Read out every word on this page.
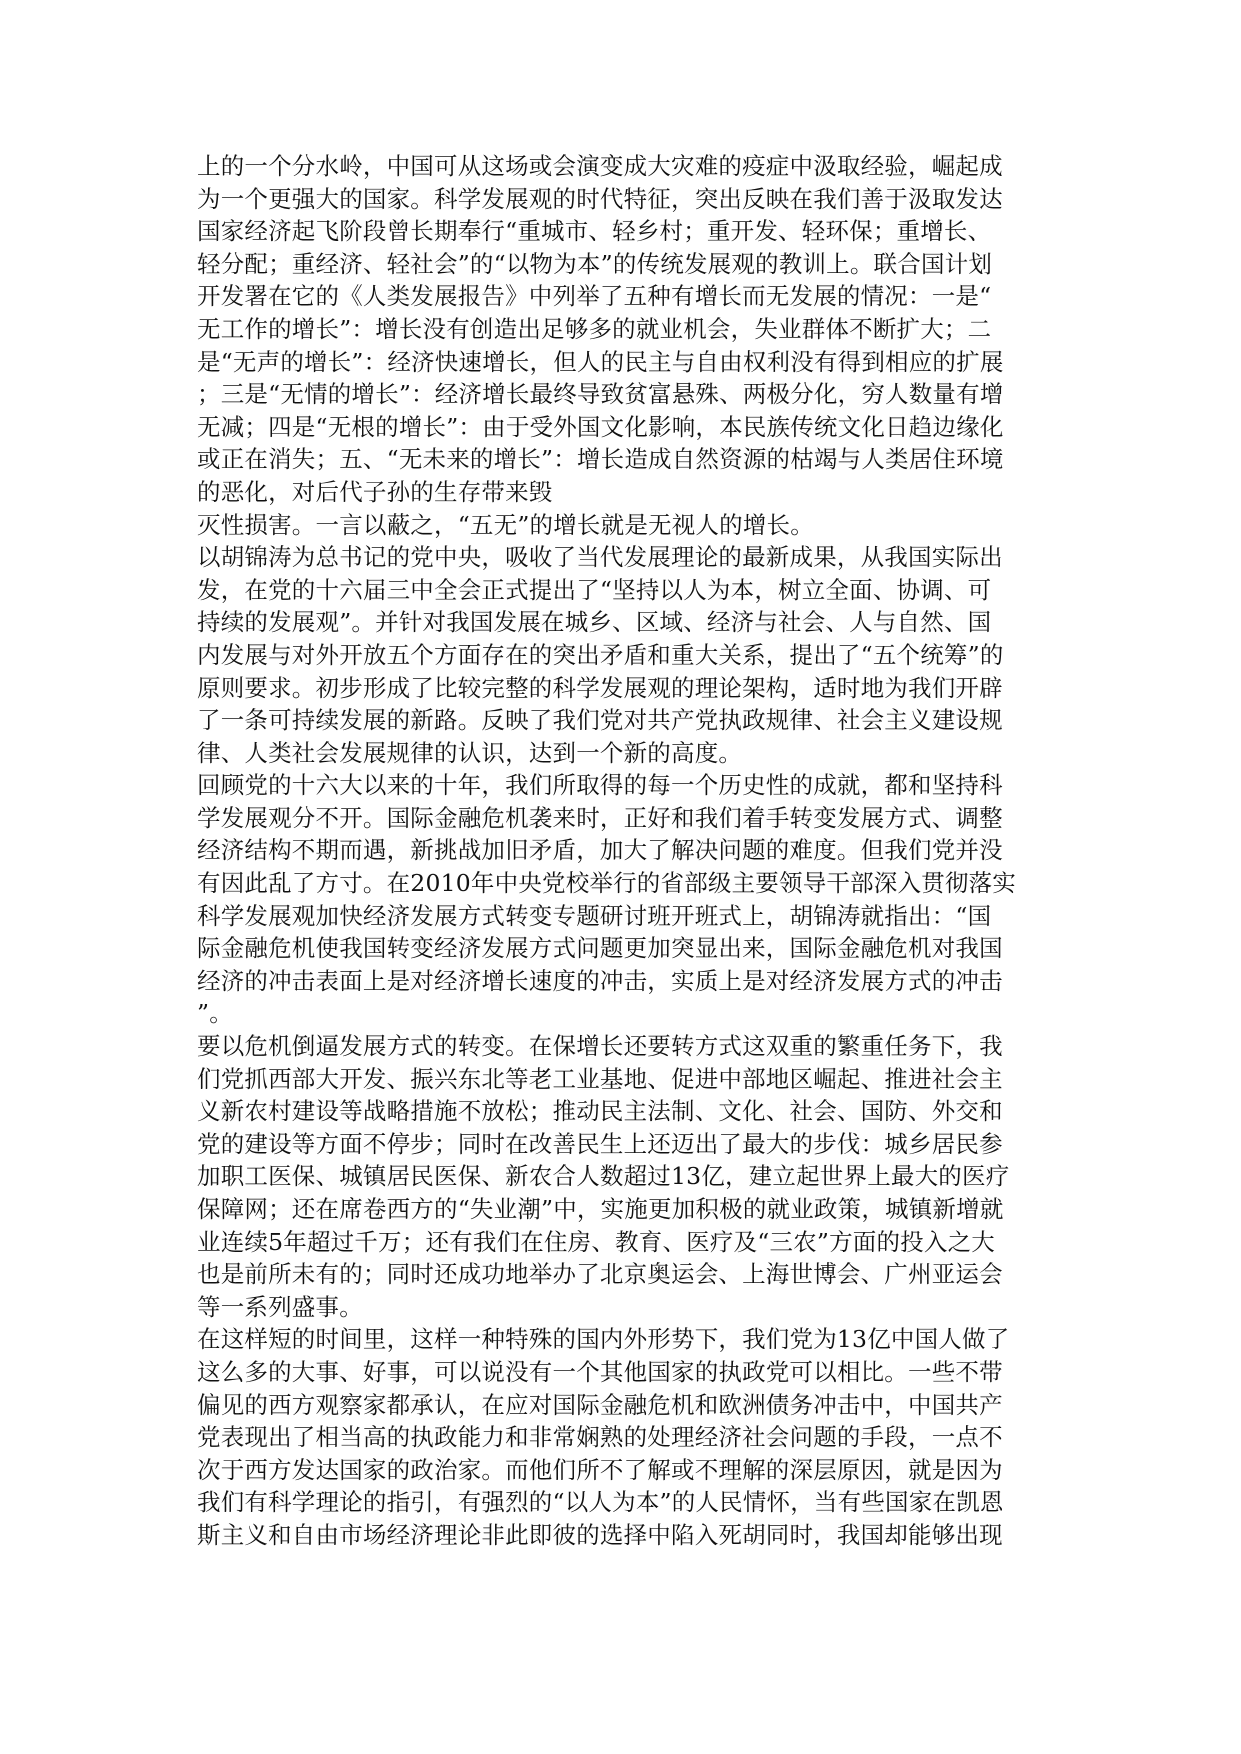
上的一个分水岭，中国可从这场或会演变成大灾难的疫症中汲取经验，崛起成
为一个更强大的国家。科学发展观的时代特征，突出反映在我们善于汲取发达
国家经济起飞阶段曾长期奉行“重城市、轻乡村；重开发、轻环保；重增长、
轻分配；重经济、轻社会”的“以物为本”的传统发展观的教训上。联合国计划
开发署在它的《人类发展报告》中列举了五种有增长而无发展的情况：一是“
无工作的增长”：增长没有创造出足够多的就业机会，失业群体不断扩大；二
是“无声的增长”：经济快速增长，但人的民主与自由权利没有得到相应的扩展
；三是“无情的增长”：经济增长最终导致贫富悬殊、两极分化，穷人数量有增
无减；四是“无根的增长”：由于受外国文化影响，本民族传统文化日趋边缘化
或正在消失；五、“无未来的增长”：增长造成自然资源的枯竭与人类居住环境
的恶化，对后代子孙的生存带来毁
灭性损害。一言以蔽之，“五无”的增长就是无视人的增长。
以胡锦涛为总书记的党中央，吸收了当代发展理论的最新成果，从我国实际出
发，在党的十六届三中全会正式提出了“坚持以人为本，树立全面、协调、可
持续的发展观”。并针对我国发展在城乡、区域、经济与社会、人与自然、国
内发展与对外开放五个方面存在的突出矛盾和重大关系，提出了“五个统筹”的
原则要求。初步形成了比较完整的科学发展观的理论架构，适时地为我们开辟
了一条可持续发展的新路。反映了我们党对共产党执政规律、社会主义建设规
律、人类社会发展规律的认识，达到一个新的高度。
回顾党的十六大以来的十年，我们所取得的每一个历史性的成就，都和坚持科
学发展观分不开。国际金融危机袭来时，正好和我们着手转变发展方式、调整
经济结构不期而遇，新挑战加旧矛盾，加大了解决问题的难度。但我们党并没
有因此乱了方寸。在2010年中央党校举行的省部级主要领导干部深入贯彻落实
科学发展观加快经济发展方式转变专题研讨班开班式上，胡锦涛就指出：“国
际金融危机使我国转变经济发展方式问题更加突显出来，国际金融危机对我国
经济的冲击表面上是对经济增长速度的冲击，实质上是对经济发展方式的冲击
”。
要以危机倒逼发展方式的转变。在保增长还要转方式这双重的繁重任务下，我
们党抓西部大开发、振兴东北等老工业基地、促进中部地区崛起、推进社会主
义新农村建设等战略措施不放松；推动民主法制、文化、社会、国防、外交和
党的建设等方面不停步；同时在改善民生上还迈出了最大的步伐：城乡居民参
加职工医保、城镇居民医保、新农合人数超过13亿，建立起世界上最大的医疗
保障网；还在席卷西方的“失业潮”中，实施更加积极的就业政策，城镇新增就
业连续5年超过千万；还有我们在住房、教育、医疗及“三农”方面的投入之大
也是前所未有的；同时还成功地举办了北京奥运会、上海世博会、广州亚运会
等一系列盛事。
在这样短的时间里，这样一种特殊的国内外形势下，我们党为13亿中国人做了
这么多的大事、好事，可以说没有一个其他国家的执政党可以相比。一些不带
偏见的西方观察家都承认，在应对国际金融危机和欧洲债务冲击中，中国共产
党表现出了相当高的执政能力和非常娴熟的处理经济社会问题的手段，一点不
次于西方发达国家的政治家。而他们所不了解或不理解的深层原因，就是因为
我们有科学理论的指引，有强烈的“以人为本”的人民情怀，当有些国家在凯恩
斯主义和自由市场经济理论非此即彼的选择中陷入死胡同时，我国却能够出现
